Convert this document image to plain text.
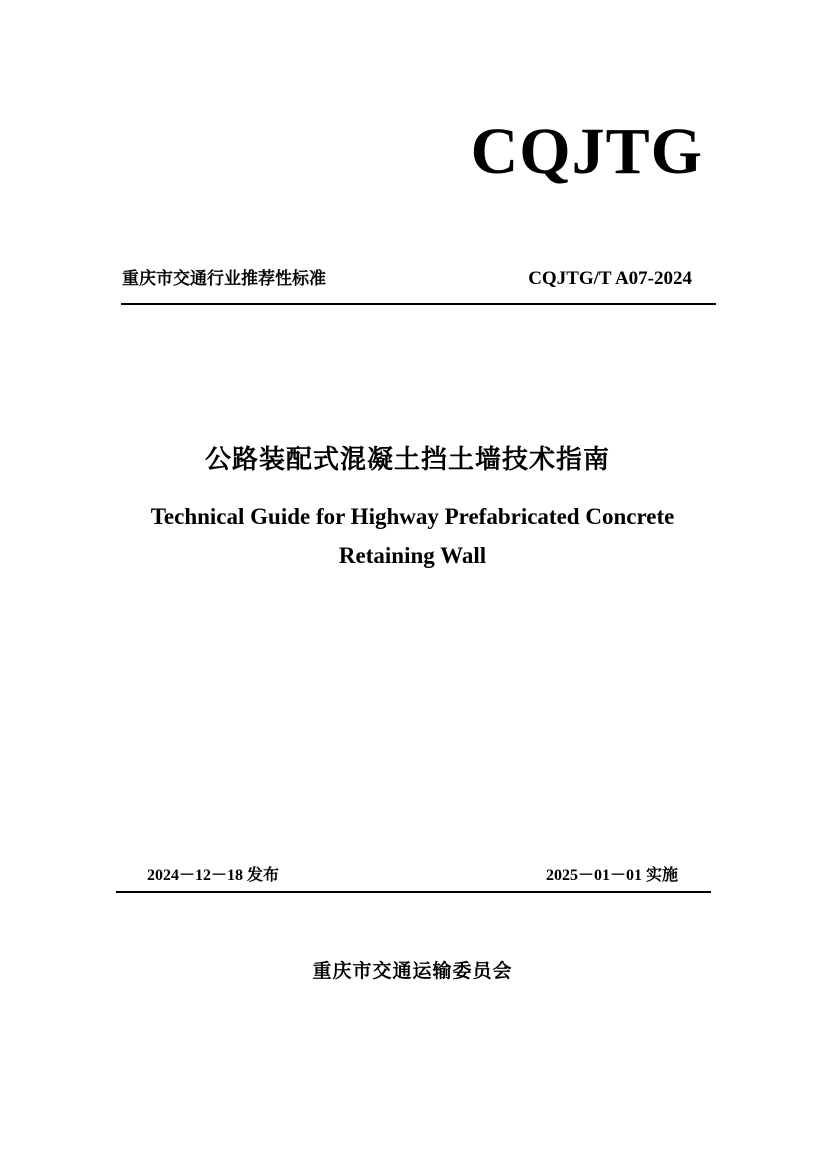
CQJTG
重庆市交通行业推荐性标准	CQJTG/T A07-2024
公路装配式混凝土挡土墙技术指南
Technical Guide for Highway Prefabricated Concrete
Retaining Wall
2024－12－18 发布	2025－01－01 实施
重庆市交通运输委员会
